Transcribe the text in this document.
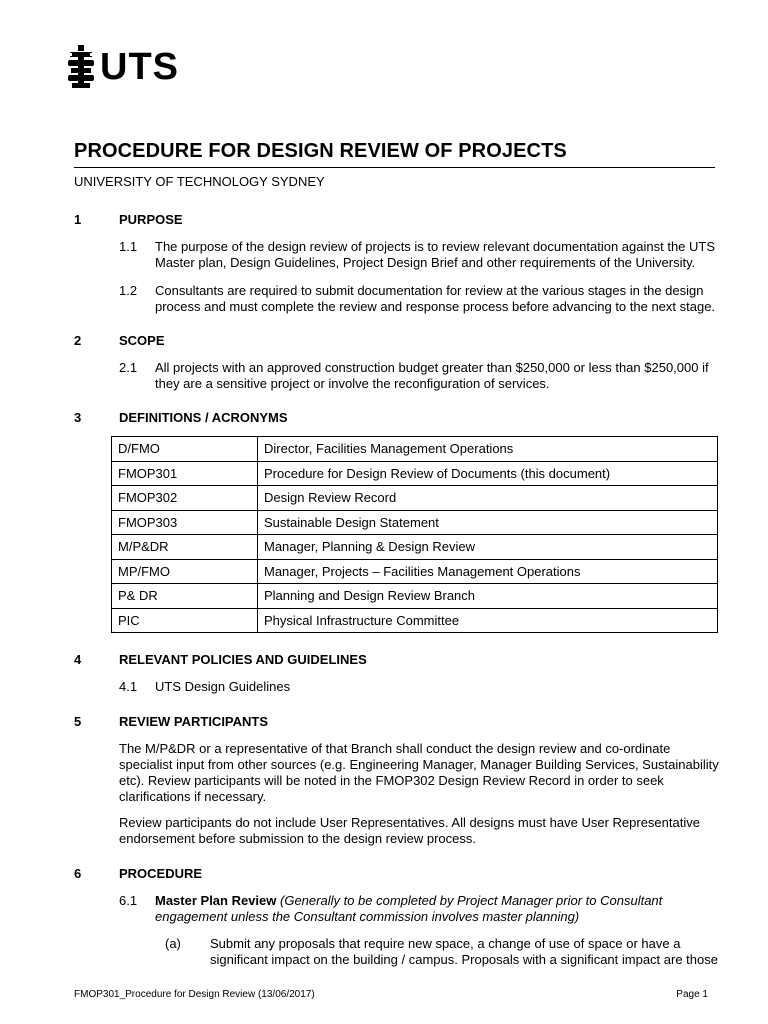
UTS
PROCEDURE FOR DESIGN REVIEW OF PROJECTS
UNIVERSITY OF TECHNOLOGY SYDNEY
1	PURPOSE
1.1 The purpose of the design review of projects is to review relevant documentation against the UTS Master plan, Design Guidelines, Project Design Brief and other requirements of the University.
1.2 Consultants are required to submit documentation for review at the various stages in the design process and must complete the review and response process before advancing to the next stage.
2	SCOPE
2.1 All projects with an approved construction budget greater than $250,000 or less than $250,000 if they are a sensitive project or involve the reconfiguration of services.
3	DEFINITIONS / ACRONYMS
D/FMO	Director, Facilities Management Operations
FMOP301	Procedure for Design Review of Documents (this document)
FMOP302	Design Review Record
FMOP303	Sustainable Design Statement
M/P&DR	Manager, Planning & Design Review
MP/FMO	Manager, Projects – Facilities Management Operations
P& DR	Planning and Design Review Branch
PIC	Physical Infrastructure Committee
4	RELEVANT POLICIES AND GUIDELINES
4.1 UTS Design Guidelines
5	REVIEW PARTICIPANTS
The M/P&DR or a representative of that Branch shall conduct the design review and co-ordinate specialist input from other sources (e.g. Engineering Manager, Manager Building Services, Sustainability etc). Review participants will be noted in the FMOP302 Design Review Record in order to seek clarifications if necessary.
Review participants do not include User Representatives. All designs must have User Representative endorsement before submission to the design review process.
6	PROCEDURE
6.1 Master Plan Review (Generally to be completed by Project Manager prior to Consultant engagement unless the Consultant commission involves master planning)
(a) Submit any proposals that require new space, a change of use of space or have a significant impact on the building / campus. Proposals with a significant impact are those
FMOP301_Procedure for Design Review (13/06/2017)	Page 1
